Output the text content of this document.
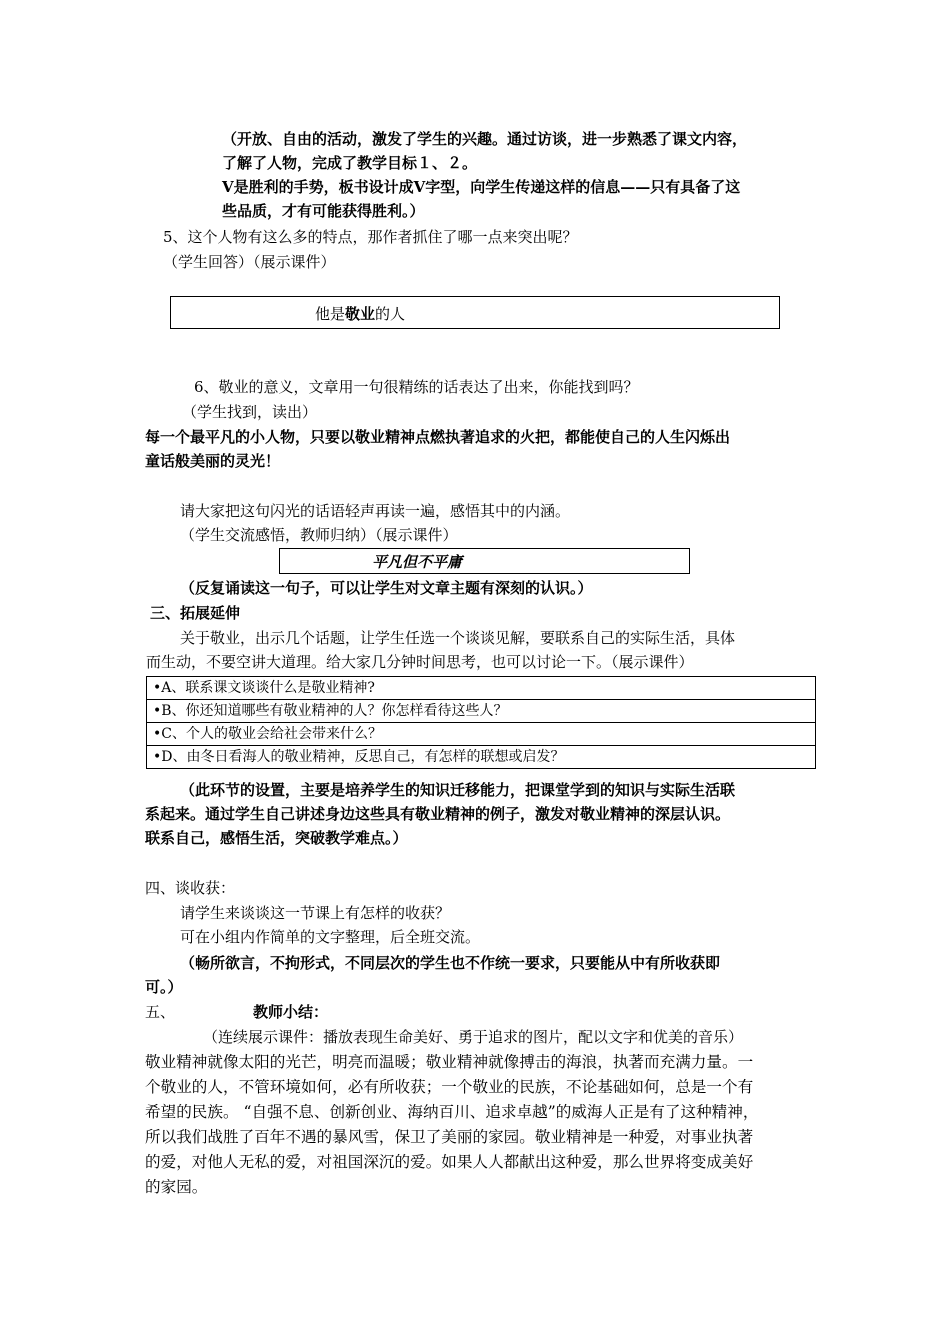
（开放、自由的活动，激发了学生的兴趣。通过访谈，进一步熟悉了课文内容，
了解了人物，完成了教学目标１、２。
V是胜利的手势，板书设计成V字型，向学生传递这样的信息——只有具备了这
些品质，才有可能获得胜利。）
5、这个人物有这么多的特点，那作者抓住了哪一点来突出呢？
（学生回答）（展示课件）
他是敬业的人
6、敬业的意义，文章用一句很精练的话表达了出来，你能找到吗？
（学生找到，读出）
每一个最平凡的小人物，只要以敬业精神点燃执著追求的火把，都能使自己的人生闪烁出
童话般美丽的灵光！
请大家把这句闪光的话语轻声再读一遍，感悟其中的内涵。
（学生交流感悟，教师归纳）（展示课件）
平凡但不平庸
（反复诵读这一句子，可以让学生对文章主题有深刻的认识。）
三、拓展延伸
关于敬业，出示几个话题，让学生任选一个谈谈见解，要联系自己的实际生活，具体
而生动，不要空讲大道理。给大家几分钟时间思考，也可以讨论一下。（展示课件）
•A、联系课文谈谈什么是敬业精神?
•B、你还知道哪些有敬业精神的人？你怎样看待这些人？
•C、个人的敬业会给社会带来什么？
•D、由冬日看海人的敬业精神，反思自己，有怎样的联想或启发？
（此环节的设置，主要是培养学生的知识迁移能力，把课堂学到的知识与实际生活联
系起来。通过学生自己讲述身边这些具有敬业精神的例子，激发对敬业精神的深层认识。
联系自己，感悟生活，突破教学难点。）
四、谈收获：
请学生来谈谈这一节课上有怎样的收获？
可在小组内作简单的文字整理，后全班交流。
（畅所欲言，不拘形式，不同层次的学生也不作统一要求，只要能从中有所收获即
可。）
五、	教师小结：
（连续展示课件：播放表现生命美好、勇于追求的图片，配以文字和优美的音乐）
敬业精神就像太阳的光芒，明亮而温暖；敬业精神就像搏击的海浪，执著而充满力量。一
个敬业的人，不管环境如何，必有所收获；一个敬业的民族，不论基础如何，总是一个有
希望的民族。 “自强不息、创新创业、海纳百川、追求卓越”的威海人正是有了这种精神，
所以我们战胜了百年不遇的暴风雪，保卫了美丽的家园。敬业精神是一种爱，对事业执著
的爱，对他人无私的爱，对祖国深沉的爱。如果人人都献出这种爱，那么世界将变成美好
的家园。
